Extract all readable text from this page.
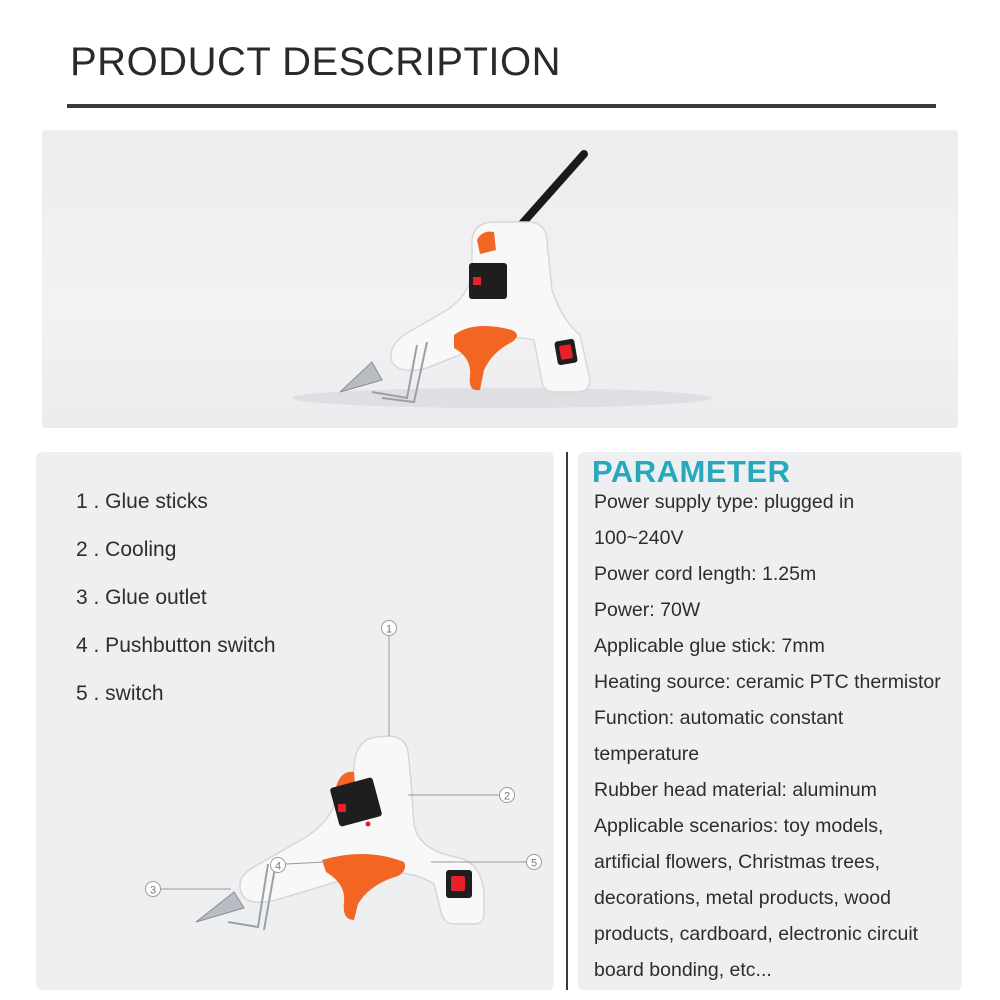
PRODUCT DESCRIPTION
1 . Glue sticks
2 . Cooling
3 . Glue outlet
4 . Pushbutton switch
5 . switch
1
2
3
4	5
PARAMETER
Power supply type: plugged in
100~240V
Power cord length: 1.25m
Power: 70W
Applicable glue stick: 7mm
Heating source: ceramic PTC thermistor
Function: automatic constant
temperature
Rubber head material: aluminum
Applicable scenarios: toy models,
artificial flowers, Christmas trees,
decorations, metal products, wood
products, cardboard, electronic circuit
board bonding, etc...
